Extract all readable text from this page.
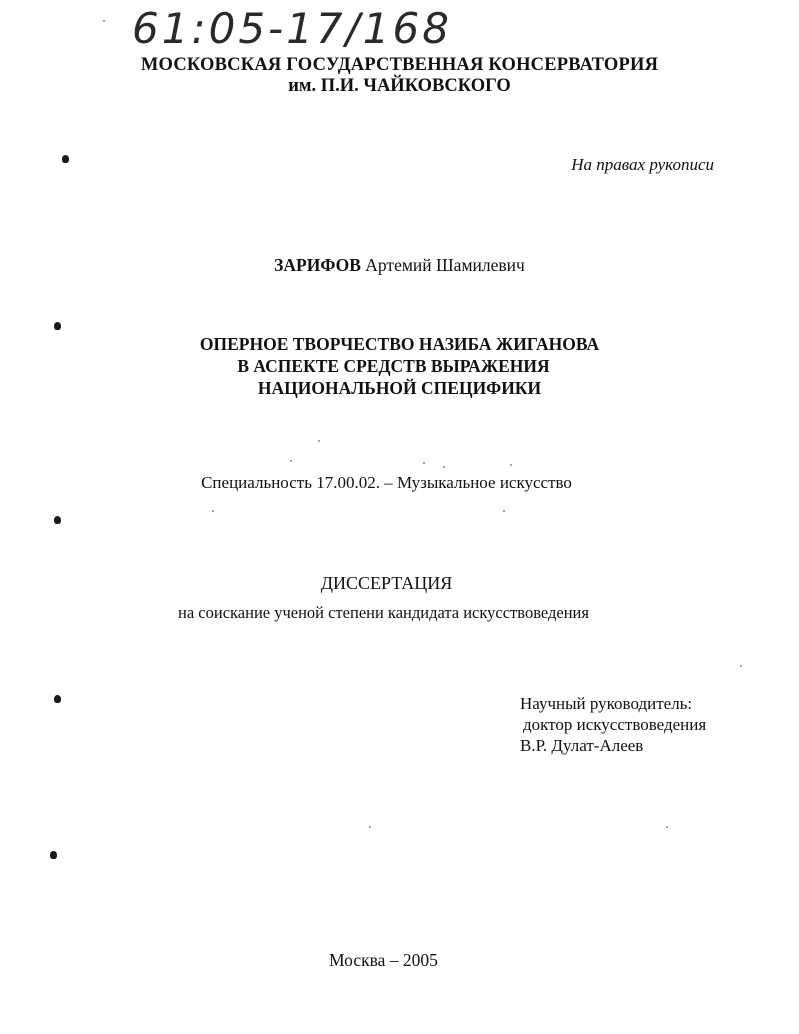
61:05-17/168
МОСКОВСКАЯ ГОСУДАРСТВЕННАЯ КОНСЕРВАТОРИЯ
им. П.И. ЧАЙКОВСКОГО
На правах рукописи
ЗАРИФОВ Артемий Шамилевич
ОПЕРНОЕ ТВОРЧЕСТВО НАЗИБА ЖИГАНОВА
В АСПЕКТЕ СРЕДСТВ ВЫРАЖЕНИЯ
НАЦИОНАЛЬНОЙ СПЕЦИФИКИ
Специальность 17.00.02. – Музыкальное искусство
ДИССЕРТАЦИЯ
на соискание ученой степени кандидата искусствоведения
Научный руководитель:
доктор искусствоведения
В.Р. Дулат-Алеев
Москва – 2005
